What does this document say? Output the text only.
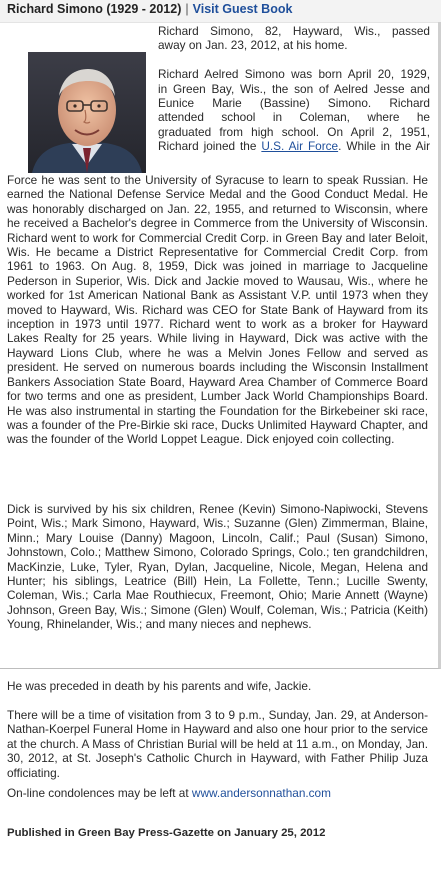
Richard Simono (1929 - 2012) | Visit Guest Book
Richard Simono, 82, Hayward, Wis., passed
away on Jan. 23, 2012, at his home.
Richard Aelred Simono was born April 20, 1929,
in Green Bay, Wis., the son of Aelred Jesse and
Eunice Marie (Bassine) Simono. Richard
attended school in Coleman, where he
graduated from high school. On April 2, 1951,
Richard joined the U.S. Air Force. While in the Air

Force he was sent to the University of Syracuse to learn to speak Russian. He earned the National Defense Service Medal and the Good Conduct Medal. He was honorably discharged on Jan. 22, 1955, and returned to Wisconsin, where he received a Bachelor's degree in Commerce from the University of Wisconsin. Richard went to work for Commercial Credit Corp. in Green Bay and later Beloit, Wis. He became a District Representative for Commercial Credit Corp. from 1961 to 1963. On Aug. 8, 1959, Dick was joined in marriage to Jacqueline Pederson in Superior, Wis. Dick and Jackie moved to Wausau, Wis., where he worked for 1st American National Bank as Assistant V.P. until 1973 when they moved to Hayward, Wis. Richard was CEO for State Bank of Hayward from its inception in 1973 until 1977. Richard went to work as a broker for Hayward Lakes Realty for 25 years. While living in Hayward, Dick was active with the Hayward Lions Club, where he was a Melvin Jones Fellow and served as president. He served on numerous boards including the Wisconsin Installment Bankers Association State Board, Hayward Area Chamber of Commerce Board for two terms and one as president, Lumber Jack World Championships Board. He was also instrumental in starting the Foundation for the Birkebeiner ski race, was a founder of the Pre-Birkie ski race, Ducks Unlimited Hayward Chapter, and was the founder of the World Loppet League. Dick enjoyed coin collecting.

Dick is survived by his six children, Renee (Kevin) Simono-Napiwocki, Stevens Point, Wis.; Mark Simono, Hayward, Wis.; Suzanne (Glen) Zimmerman, Blaine, Minn.; Mary Louise (Danny) Magoon, Lincoln, Calif.; Paul (Susan) Simono, Johnstown, Colo.; Matthew Simono, Colorado Springs, Colo.; ten grandchildren, MacKinzie, Luke, Tyler, Ryan, Dylan, Jacqueline, Nicole, Megan, Helena and Hunter; his siblings, Leatrice (Bill) Hein, La Follette, Tenn.; Lucille Swenty, Coleman, Wis.; Carla Mae Routhiecux, Freemont, Ohio; Marie Annett (Wayne) Johnson, Green Bay, Wis.; Simone (Glen) Woulf, Coleman, Wis.; Patricia (Keith) Young, Rhinelander, Wis.; and many nieces and nephews.

He was preceded in death by his parents and wife, Jackie.

There will be a time of visitation from 3 to 9 p.m., Sunday, Jan. 29, at Anderson-Nathan-Koerpel Funeral Home in Hayward and also one hour prior to the service at the church. A Mass of Christian Burial will be held at 11 a.m., on Monday, Jan. 30, 2012, at St. Joseph's Catholic Church in Hayward, with Father Philip Juza officiating.

On-line condolences may be left at www.andersonnathan.com

Published in Green Bay Press-Gazette on January 25, 2012
